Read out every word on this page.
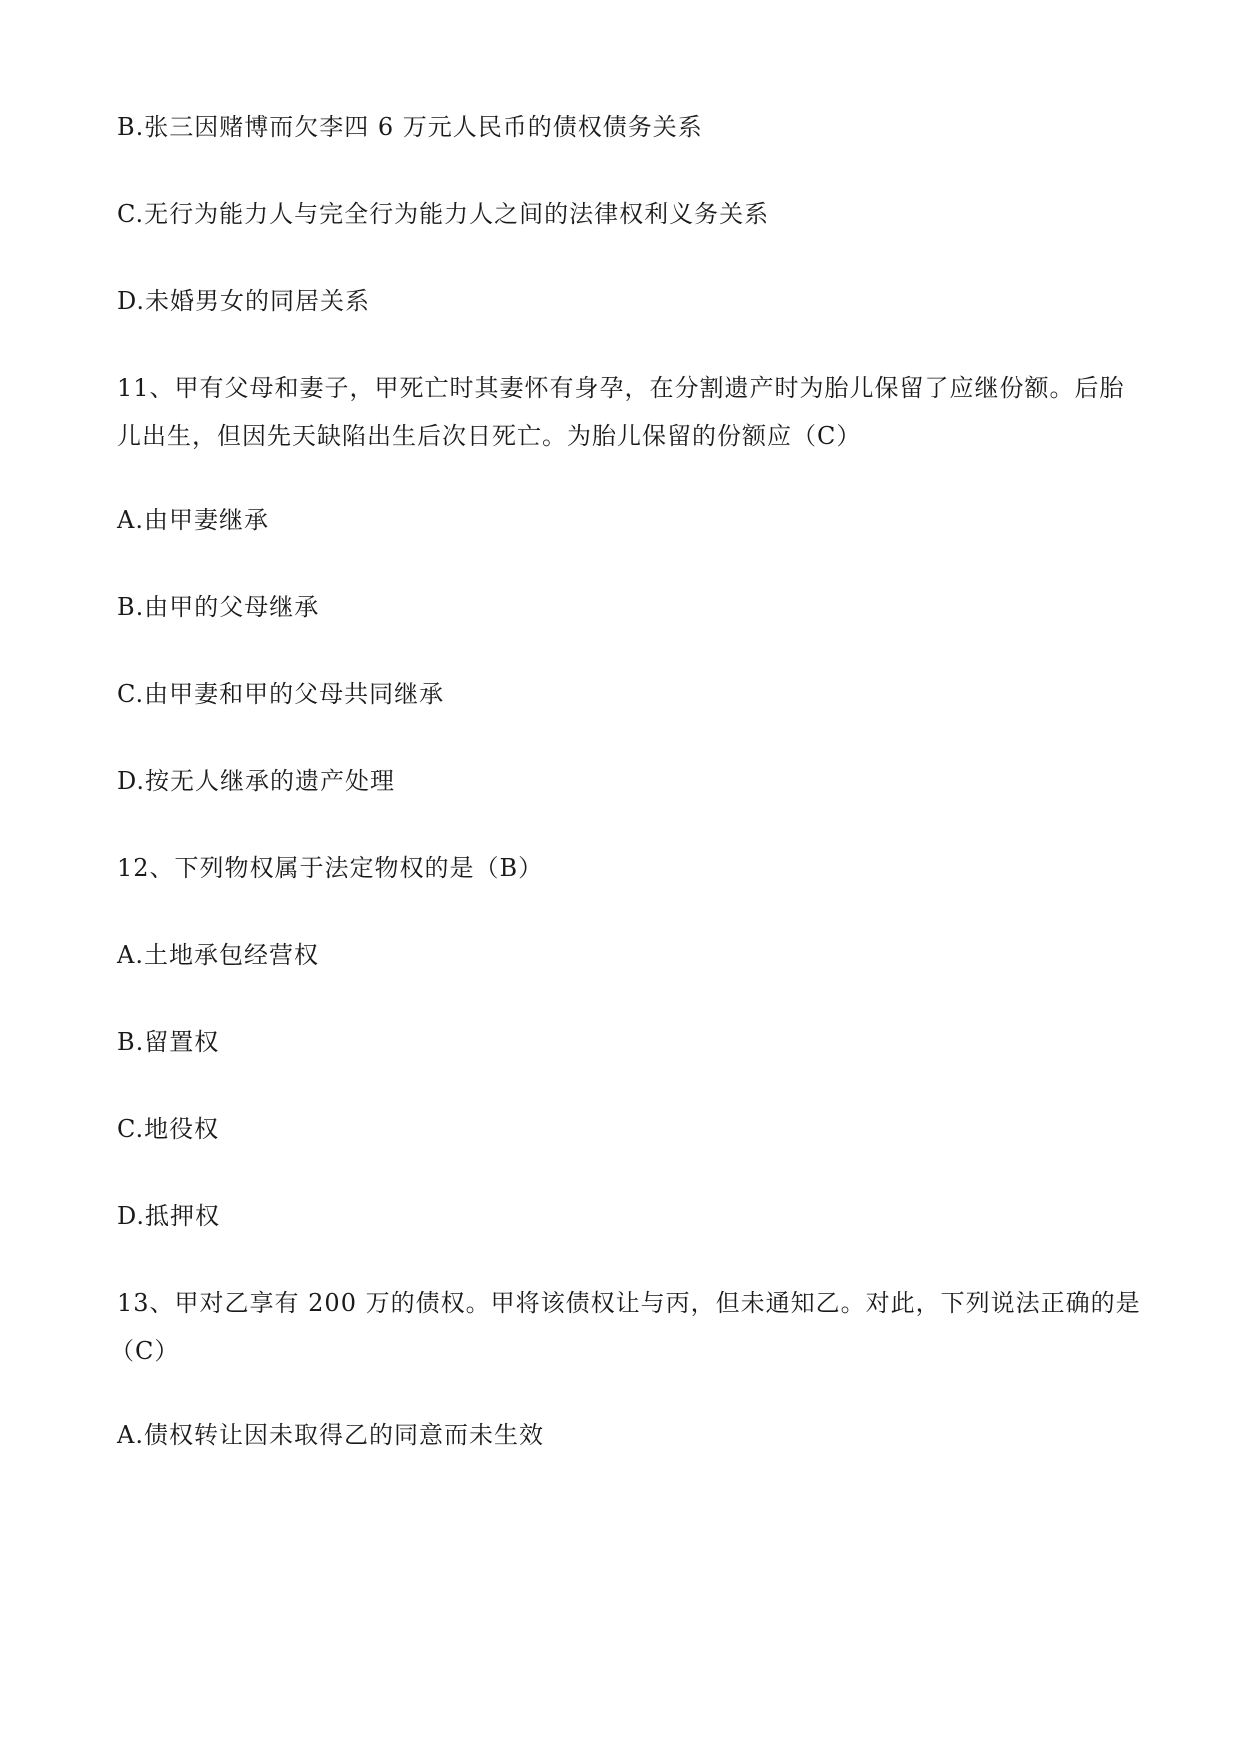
B.张三因赌博而欠李四 6 万元人民币的债权债务关系
C.无行为能力人与完全行为能力人之间的法律权利义务关系
D.未婚男女的同居关系
11、甲有父母和妻子，甲死亡时其妻怀有身孕，在分割遗产时为胎儿保留了应继份额。后胎
儿出生，但因先天缺陷出生后次日死亡。为胎儿保留的份额应（C）
A.由甲妻继承
B.由甲的父母继承
C.由甲妻和甲的父母共同继承
D.按无人继承的遗产处理
12、下列物权属于法定物权的是（B）
A.土地承包经营权
B.留置权
C.地役权
D.抵押权
13、甲对乙享有 200 万的债权。甲将该债权让与丙，但未通知乙。对此，下列说法正确的是
（C）
A.债权转让因未取得乙的同意而未生效
